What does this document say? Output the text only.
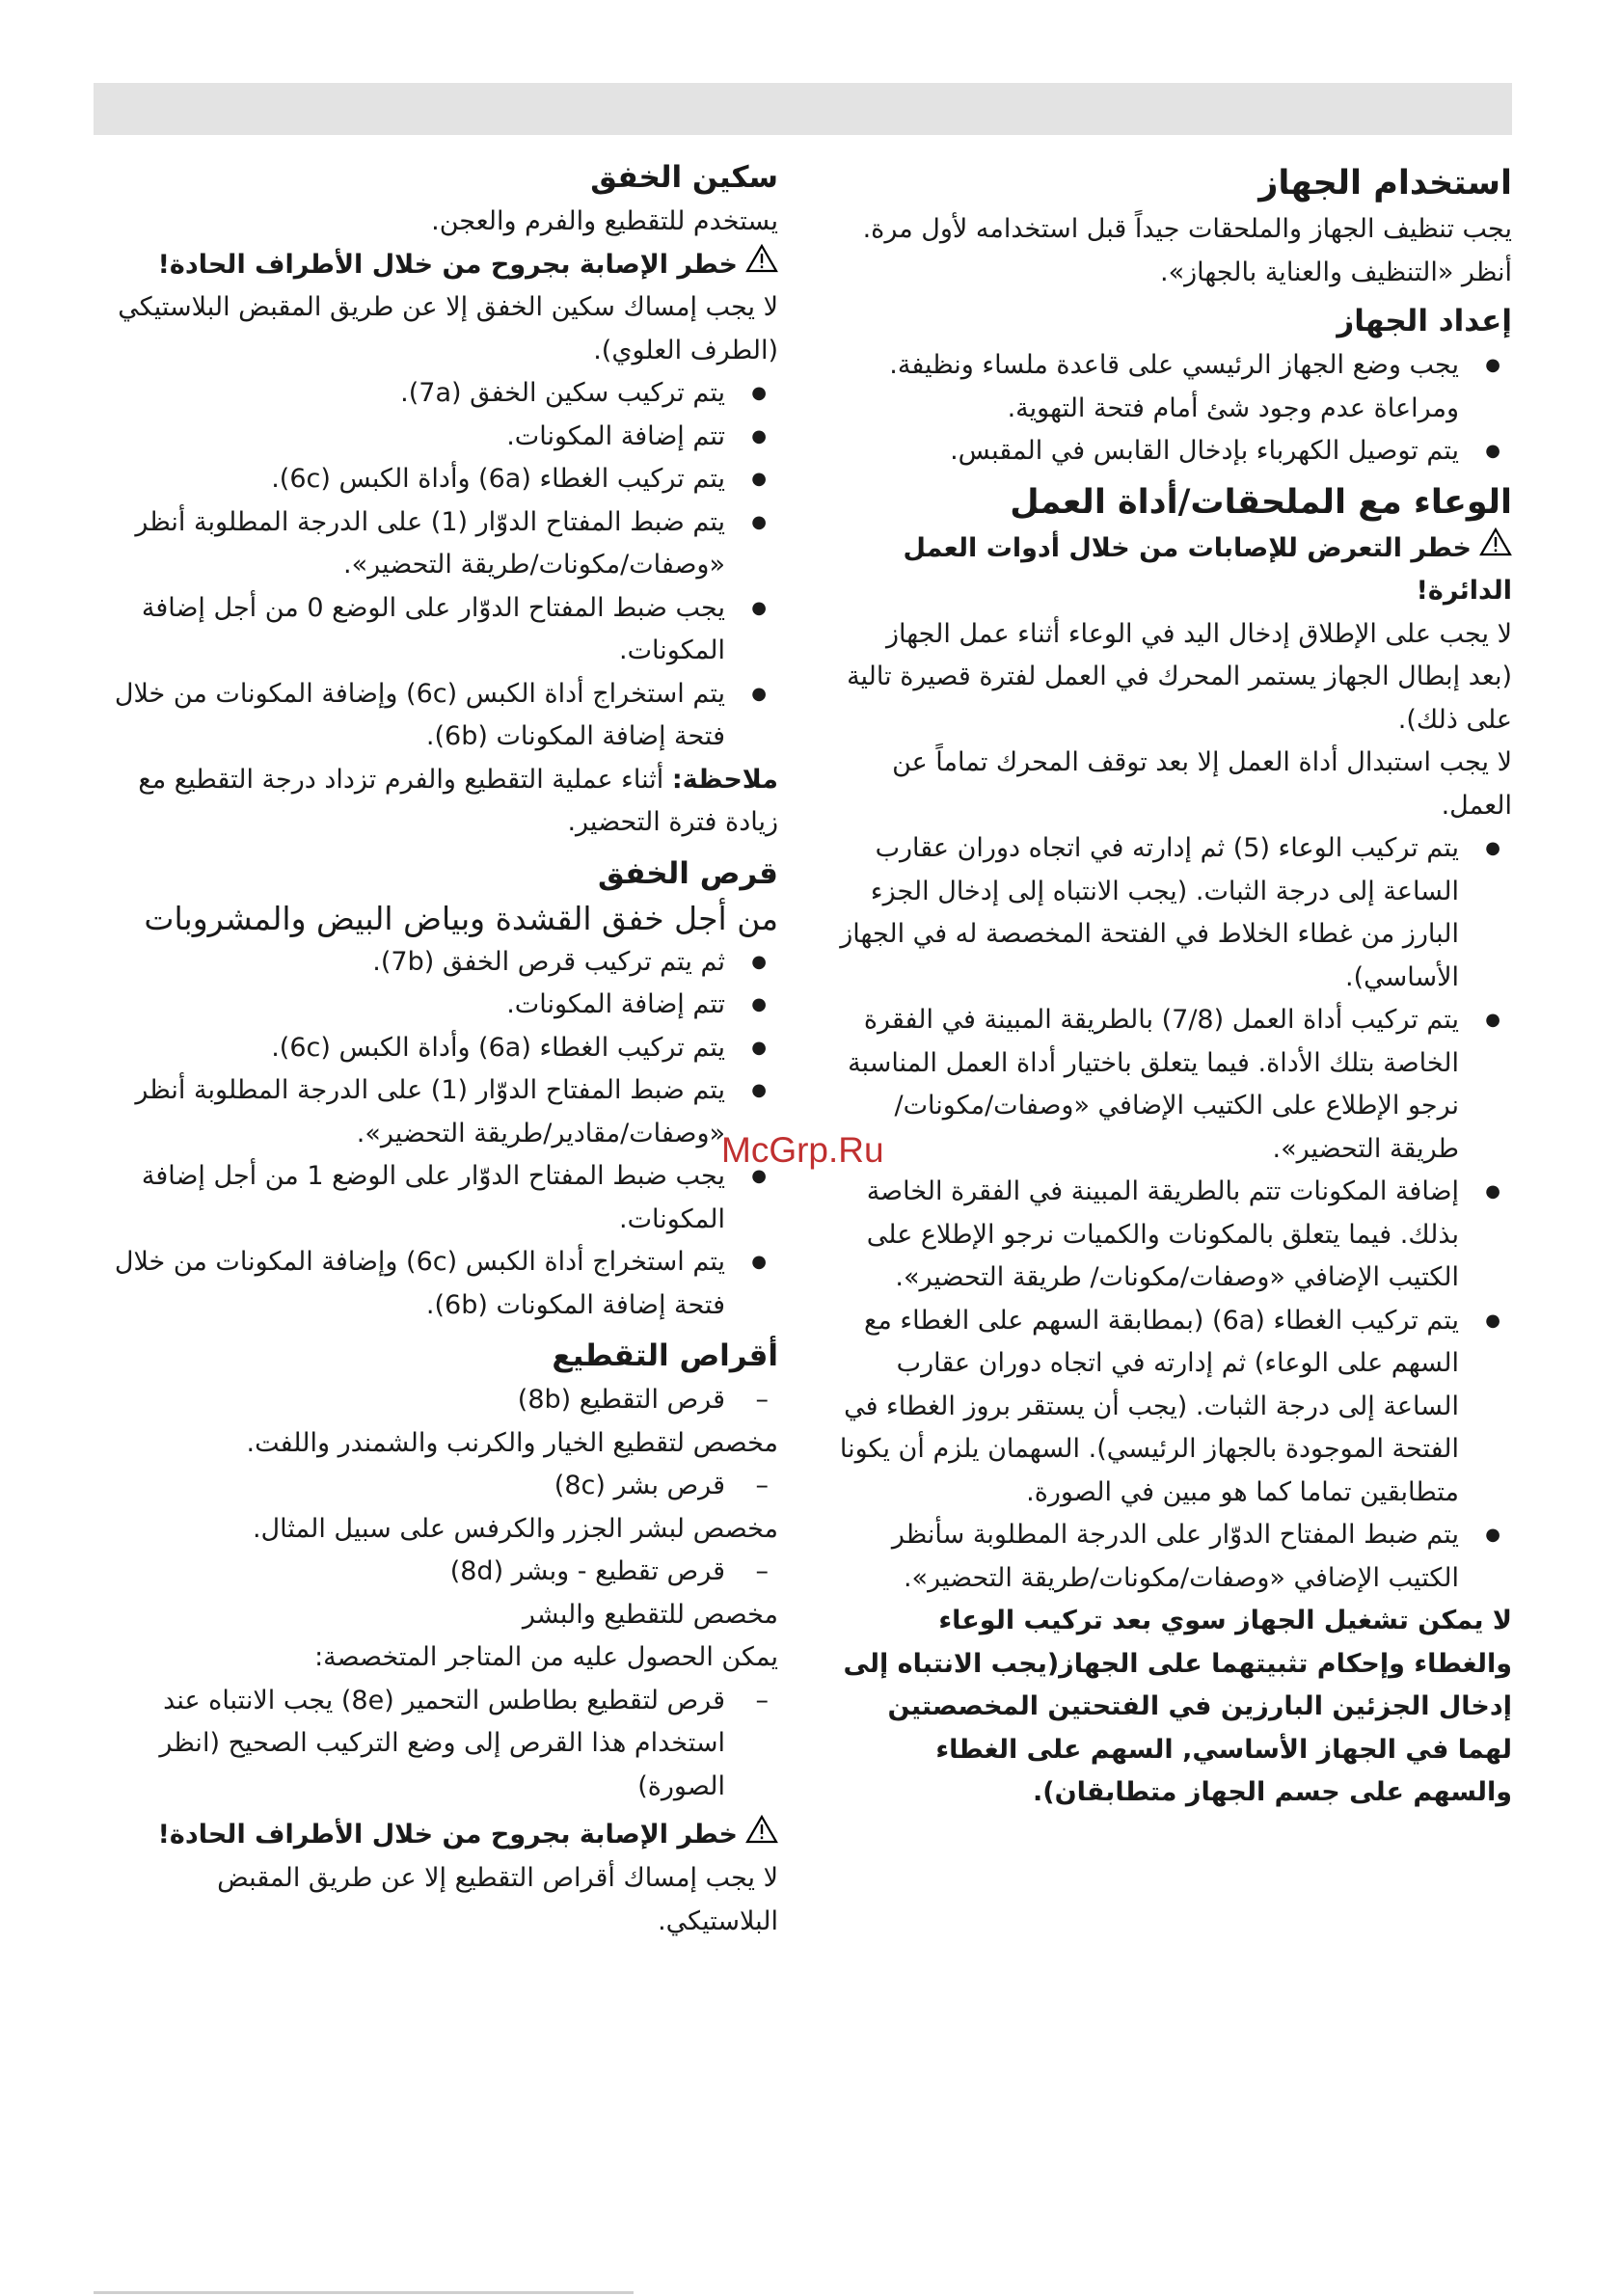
استخدام الجهاز

يجب تنظيف الجهاز والملحقات جيداً قبل استخدامه لأول مرة. أنظر «التنظيف والعناية بالجهاز».

إعداد الجهاز
● يجب وضع الجهاز الرئيسي على قاعدة ملساء ونظيفة. ومراعاة عدم وجود شئ أمام فتحة التهوية.
● يتم توصيل الكهرباء بإدخال القابس في المقبس.
الوعاء مع الملحقات/أداة العمل

خطر التعرض للإصابات من خلال أدوات العمل الدائرة!

لا يجب على الإطلاق إدخال اليد في الوعاء أثناء عمل الجهاز (بعد إبطال الجهاز يستمر المحرك في العمل لفترة قصيرة تالية على ذلك).

لا يجب استبدال أداة العمل إلا بعد توقف المحرك تماماً عن العمل.

● يتم تركيب الوعاء (5) ثم إدارته في اتجاه دوران عقارب الساعة إلى درجة الثبات. (يجب الانتباه إلى إدخال الجزء البارز من غطاء الخلاط في الفتحة المخصصة له في الجهاز الأساسي).
● يتم تركيب أداة العمل (7/8) بالطريقة المبينة في الفقرة الخاصة بتلك الأداة. فيما يتعلق باختيار أداة العمل المناسبة نرجو الإطلاع على الكتيب الإضافي «وصفات/مكونات/طريقة التحضير».
● إضافة المكونات تتم بالطريقة المبينة في الفقرة الخاصة بذلك. فيما يتعلق بالمكونات والكميات نرجو الإطلاع على الكتيب الإضافي «وصفات/مكونات/ طريقة التحضير».
● يتم تركيب الغطاء (6a) (بمطابقة السهم على الغطاء مع السهم على الوعاء) ثم إدارته في اتجاه دوران عقارب الساعة إلى درجة الثبات. (يجب أن يستقر بروز الغطاء في الفتحة الموجودة بالجهاز الرئيسي). السهمان يلزم أن يكونا متطابقين تماما كما هو مبين في الصورة.
● يتم ضبط المفتاح الدوّار على الدرجة المطلوبة سأنظر الكتيب الإضافي «وصفات/مكونات/طريقة التحضير».

لا يمكن تشغيل الجهاز سوي بعد تركيب الوعاء والغطاء وإحكام تثبيتهما على الجهاز(يجب الانتباه إلى إدخال الجزئين البارزين في الفتحتين المخصصتين لهما في الجهاز الأساسي, السهم على الغطاء والسهم على جسم الجهاز متطابقان).

سكين الخفق

يستخدم للتقطيع والفرم والعجن.

خطر الإصابة بجروح من خلال الأطراف الحادة!

لا يجب إمساك سكين الخفق إلا عن طريق المقبض البلاستيكي (الطرف العلوي).

● يتم تركيب سكين الخفق (7a).
● تتم إضافة المكونات.
● يتم تركيب الغطاء (6a) وأداة الكبس (6c).
● يتم ضبط المفتاح الدوّار (1) على الدرجة المطلوبة أنظر «وصفات/مكونات/طريقة التحضير».
● يجب ضبط المفتاح الدوّار على الوضع 0 من أجل إضافة المكونات.
● يتم استخراج أداة الكبس (6c) وإضافة المكونات من خلال فتحة إضافة المكونات (6b).

ملاحظة: أثناء عملية التقطيع والفرم تزداد درجة التقطيع مع زيادة فترة التحضير.

قرص الخفق

من أجل خفق القشدة وبياض البيض والمشروبات

● ثم يتم تركيب قرص الخفق (7b).
● تتم إضافة المكونات.
● يتم تركيب الغطاء (6a) وأداة الكبس (6c).
● يتم ضبط المفتاح الدوّار (1) على الدرجة المطلوبة أنظر «وصفات/مقادير/طريقة التحضير».
● يجب ضبط المفتاح الدوّار على الوضع 1 من أجل إضافة المكونات.
● يتم استخراج أداة الكبس (6c) وإضافة المكونات من خلال فتحة إضافة المكونات (6b).
أقراص التقطيع
– قرص التقطيع (8b)

مخصص لتقطيع الخيار والكرنب والشمندر واللفت.

– قرص بشر (8c)

مخصص لبشر الجزر والكرفس على سبيل المثال.

– قرص تقطيع - وبشر (8d)

مخصص للتقطيع والبشر

يمكن الحصول عليه من المتاجر المتخصصة:

– قرص لتقطيع بطاطس التحمير (8e) يجب الانتباه عند استخدام هذا القرص إلى وضع التركيب الصحيح (انظر الصورة)

خطر الإصابة بجروح من خلال الأطراف الحادة!

لا يجب إمساك أقراص التقطيع إلا عن طريق المقبض البلاستيكي.

McGrp.Ru
